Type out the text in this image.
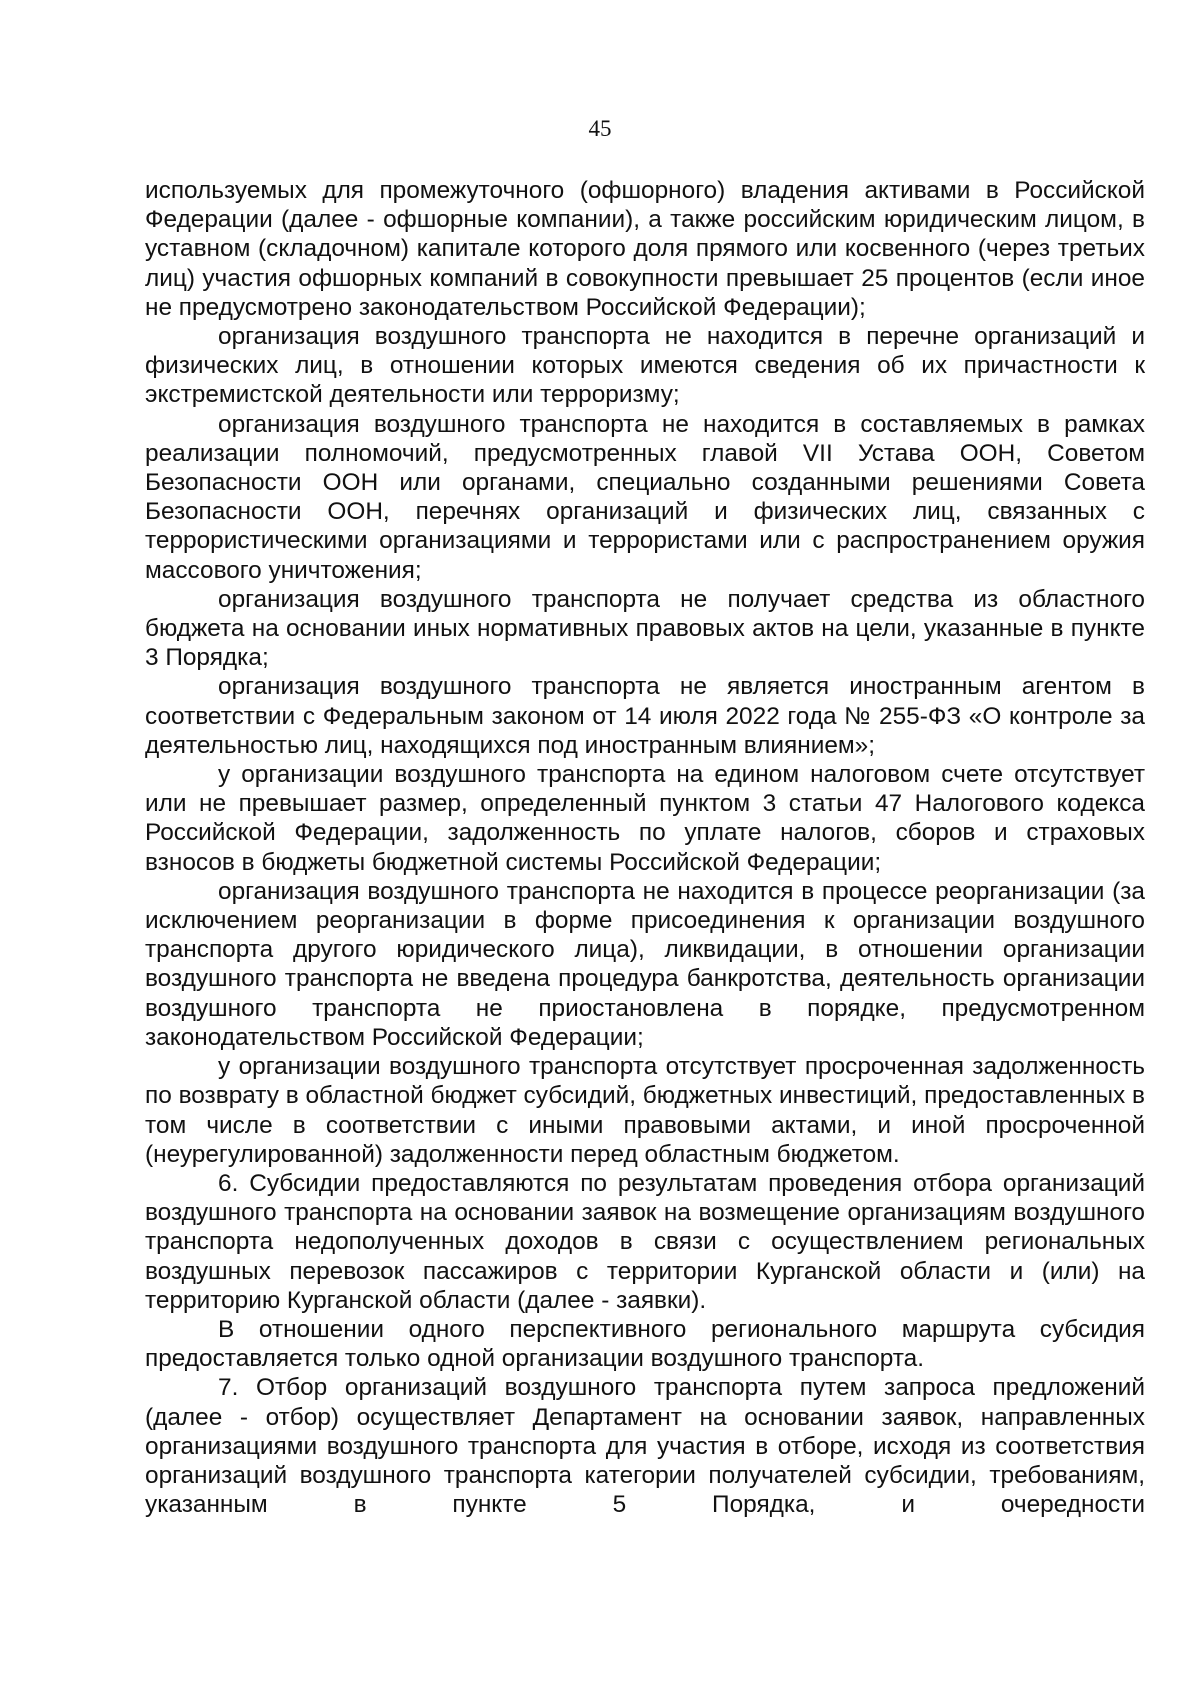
45

используемых для промежуточного (офшорного) владения активами в Российской Федерации (далее - офшорные компании), а также российским юридическим лицом, в уставном (складочном) капитале которого доля прямого или косвенного (через третьих лиц) участия офшорных компаний в совокупности превышает 25 процентов (если иное не предусмотрено законодательством Российской Федерации);

организация воздушного транспорта не находится в перечне организаций и физических лиц, в отношении которых имеются сведения об их причастности к экстремистской деятельности или терроризму;

организация воздушного транспорта не находится в составляемых в рамках реализации полномочий, предусмотренных главой VII Устава ООН, Советом Безопасности ООН или органами, специально созданными решениями Совета Безопасности ООН, перечнях организаций и физических лиц, связанных с террористическими организациями и террористами или с распространением оружия массового уничтожения;

организация воздушного транспорта не получает средства из областного бюджета на основании иных нормативных правовых актов на цели, указанные в пункте 3 Порядка;

организация воздушного транспорта не является иностранным агентом в соответствии с Федеральным законом от 14 июля 2022 года № 255-ФЗ «О контроле за деятельностью лиц, находящихся под иностранным влиянием»;

у организации воздушного транспорта на едином налоговом счете отсутствует или не превышает размер, определенный пунктом 3 статьи 47 Налогового кодекса Российской Федерации, задолженность по уплате налогов, сборов и страховых взносов в бюджеты бюджетной системы Российской Федерации;

организация воздушного транспорта не находится в процессе реорганизации (за исключением реорганизации в форме присоединения к организации воздушного транспорта другого юридического лица), ликвидации, в отношении организации воздушного транспорта не введена процедура банкротства, деятельность организации воздушного транспорта не приостановлена в порядке, предусмотренном законодательством Российской Федерации;

у организации воздушного транспорта отсутствует просроченная задолженность по возврату в областной бюджет субсидий, бюджетных инвестиций, предоставленных в том числе в соответствии с иными правовыми актами, и иной просроченной (неурегулированной) задолженности перед областным бюджетом.

6. Субсидии предоставляются по результатам проведения отбора организаций воздушного транспорта на основании заявок на возмещение организациям воздушного транспорта недополученных доходов в связи с осуществлением региональных воздушных перевозок пассажиров с территории Курганской области и (или) на территорию Курганской области (далее - заявки).

В отношении одного перспективного регионального маршрута субсидия предоставляется только одной организации воздушного транспорта.

7. Отбор организаций воздушного транспорта путем запроса предложений (далее - отбор) осуществляет Департамент на основании заявок, направленных организациями воздушного транспорта для участия в отборе, исходя из соответствия организаций воздушного транспорта категории получателей субсидии, требованиям, указанным в пункте 5 Порядка, и очередности
